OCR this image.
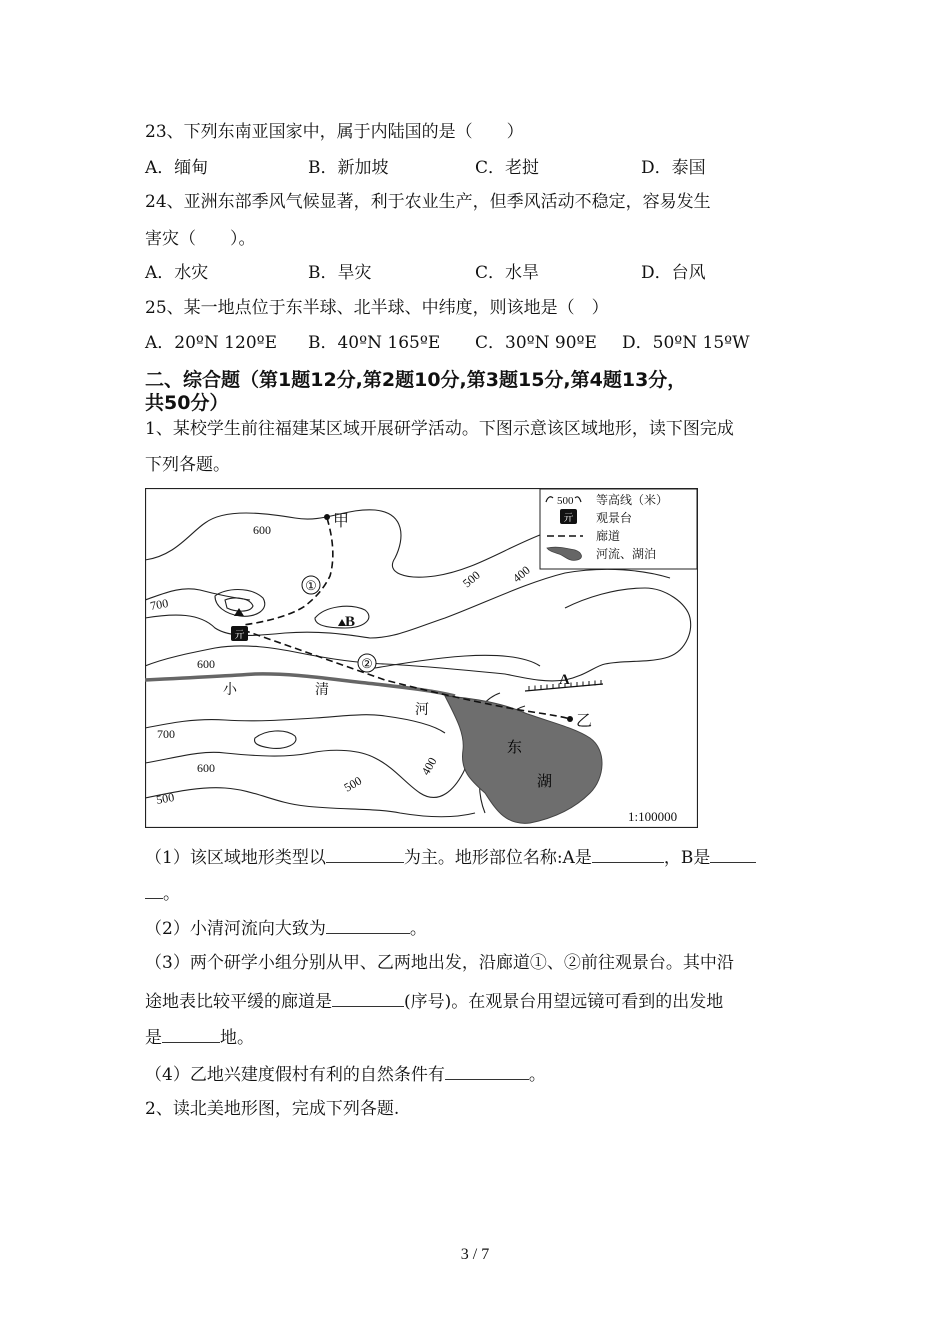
23、下列东南亚国家中，属于内陆国的是（　　）
A．缅甸	B．新加坡	C．老挝	D．泰国
24、亚洲东部季风气候显著，利于农业生产，但季风活动不稳定，容易发生
害灾（　　）。
A．水灾	B．旱灾	C．水旱	D．台风
25、某一地点位于东半球、北半球、中纬度，则该地是（　）
A．20ºN 120ºE B．40ºN 165ºE C．30ºN 90ºE D．50ºN 15ºW
二、综合题（第1题12分,第2题10分,第3题15分,第4题13分，
共50分）
1、某校学生前往福建某区域开展研学活动。下图示意该区域地形，读下图完成
下列各题。
亓
亓
500 等高线（米）
观景台
廊道
河流、湖泊
600
700
600
500 400
700
600
500
500
400
甲
乙
A
B
①
②
小	清
河
东
湖
1:100000
（1）该区域地形类型以	为主。地形部位名称:A是	，B是
。
（2）小清河流向大致为	。
（3）两个研学小组分别从甲、乙两地出发，沿廊道①、②前往观景台。其中沿
途地表比较平缓的廊道是	(序号)。在观景台用望远镜可看到的出发地
是	地。
（4）乙地兴建度假村有利的自然条件有	。
2、读北美地形图，完成下列各题.
3 / 7
